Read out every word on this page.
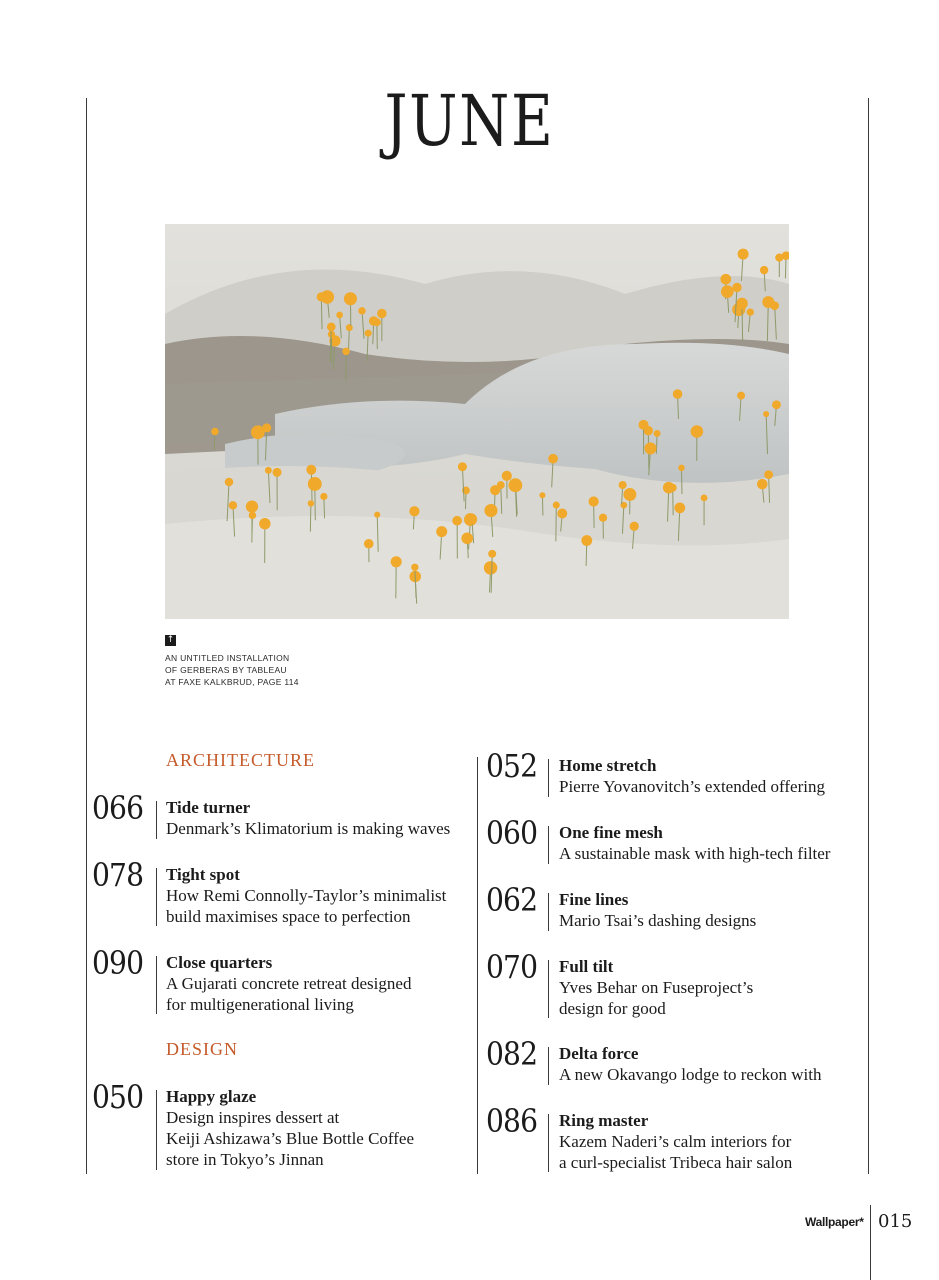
JUNE
↑
AN UNTITLED INSTALLATION
OF GERBERAS BY TABLEAU
AT FAXE KALKBRUD, PAGE 114
ARCHITECTURE
DESIGN
066 Tide turner
Denmark’s Klimatorium is making waves
078 Tight spot
How Remi Connolly-Taylor’s minimalist
build maximises space to perfection
090 Close quarters
A Gujarati concrete retreat designed
for multigenerational living
050 Happy glaze
Design inspires dessert at
Keiji Ashizawa’s Blue Bottle Coffee
store in Tokyo’s Jinnan
052 Home stretch
Pierre Yovanovitch’s extended offering
060 One fine mesh
A sustainable mask with high-tech filter
062 Fine lines
Mario Tsai’s dashing designs
070 Full tilt
Yves Behar on Fuseproject’s
design for good
082 Delta force
A new Okavango lodge to reckon with
086 Ring master
Kazem Naderi’s calm interiors for
a curl-specialist Tribeca hair salon
Wallpaper* 015
